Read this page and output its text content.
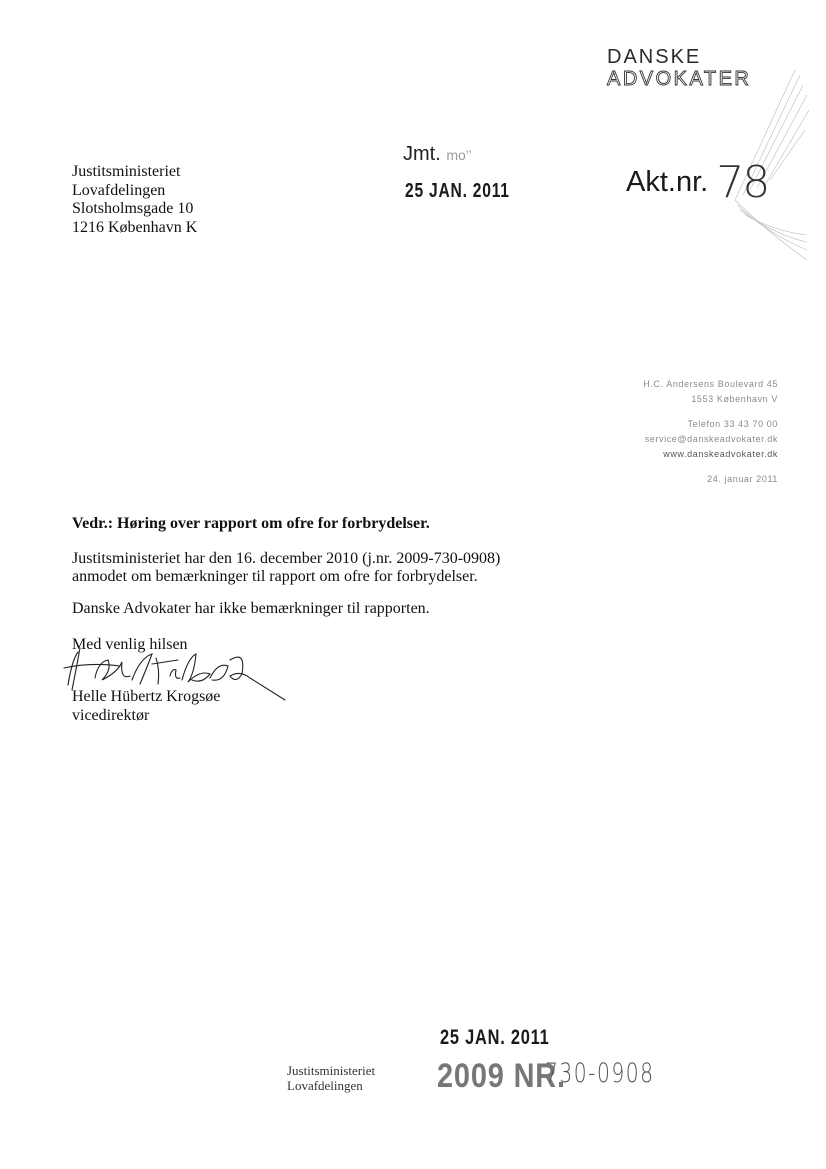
DANSKE
ADVOKATER
Justitsministeriet
Lovafdelingen
Slotsholmsgade 10
1216 København K
Jmt. mo’’
25 JAN. 2011	Akt.nr. 78
H.C. Andersens Boulevard 45
1553 København V
Telefon 33 43 70 00
service@danskeadvokater.dk
www.danskeadvokater.dk
24. januar 2011
Vedr.: Høring over rapport om ofre for forbrydelser.
Justitsministeriet har den 16. december 2010 (j.nr. 2009-730-0908)
anmodet om bemærkninger til rapport om ofre for forbrydelser.
Danske Advokater har ikke bemærkninger til rapporten.
Med venlig hilsen
Helle Hübertz Krogsøe
vicedirektør
25 JAN. 2011
Justitsministeriet
Lovafdelingen	2009 NR.
730-0908
